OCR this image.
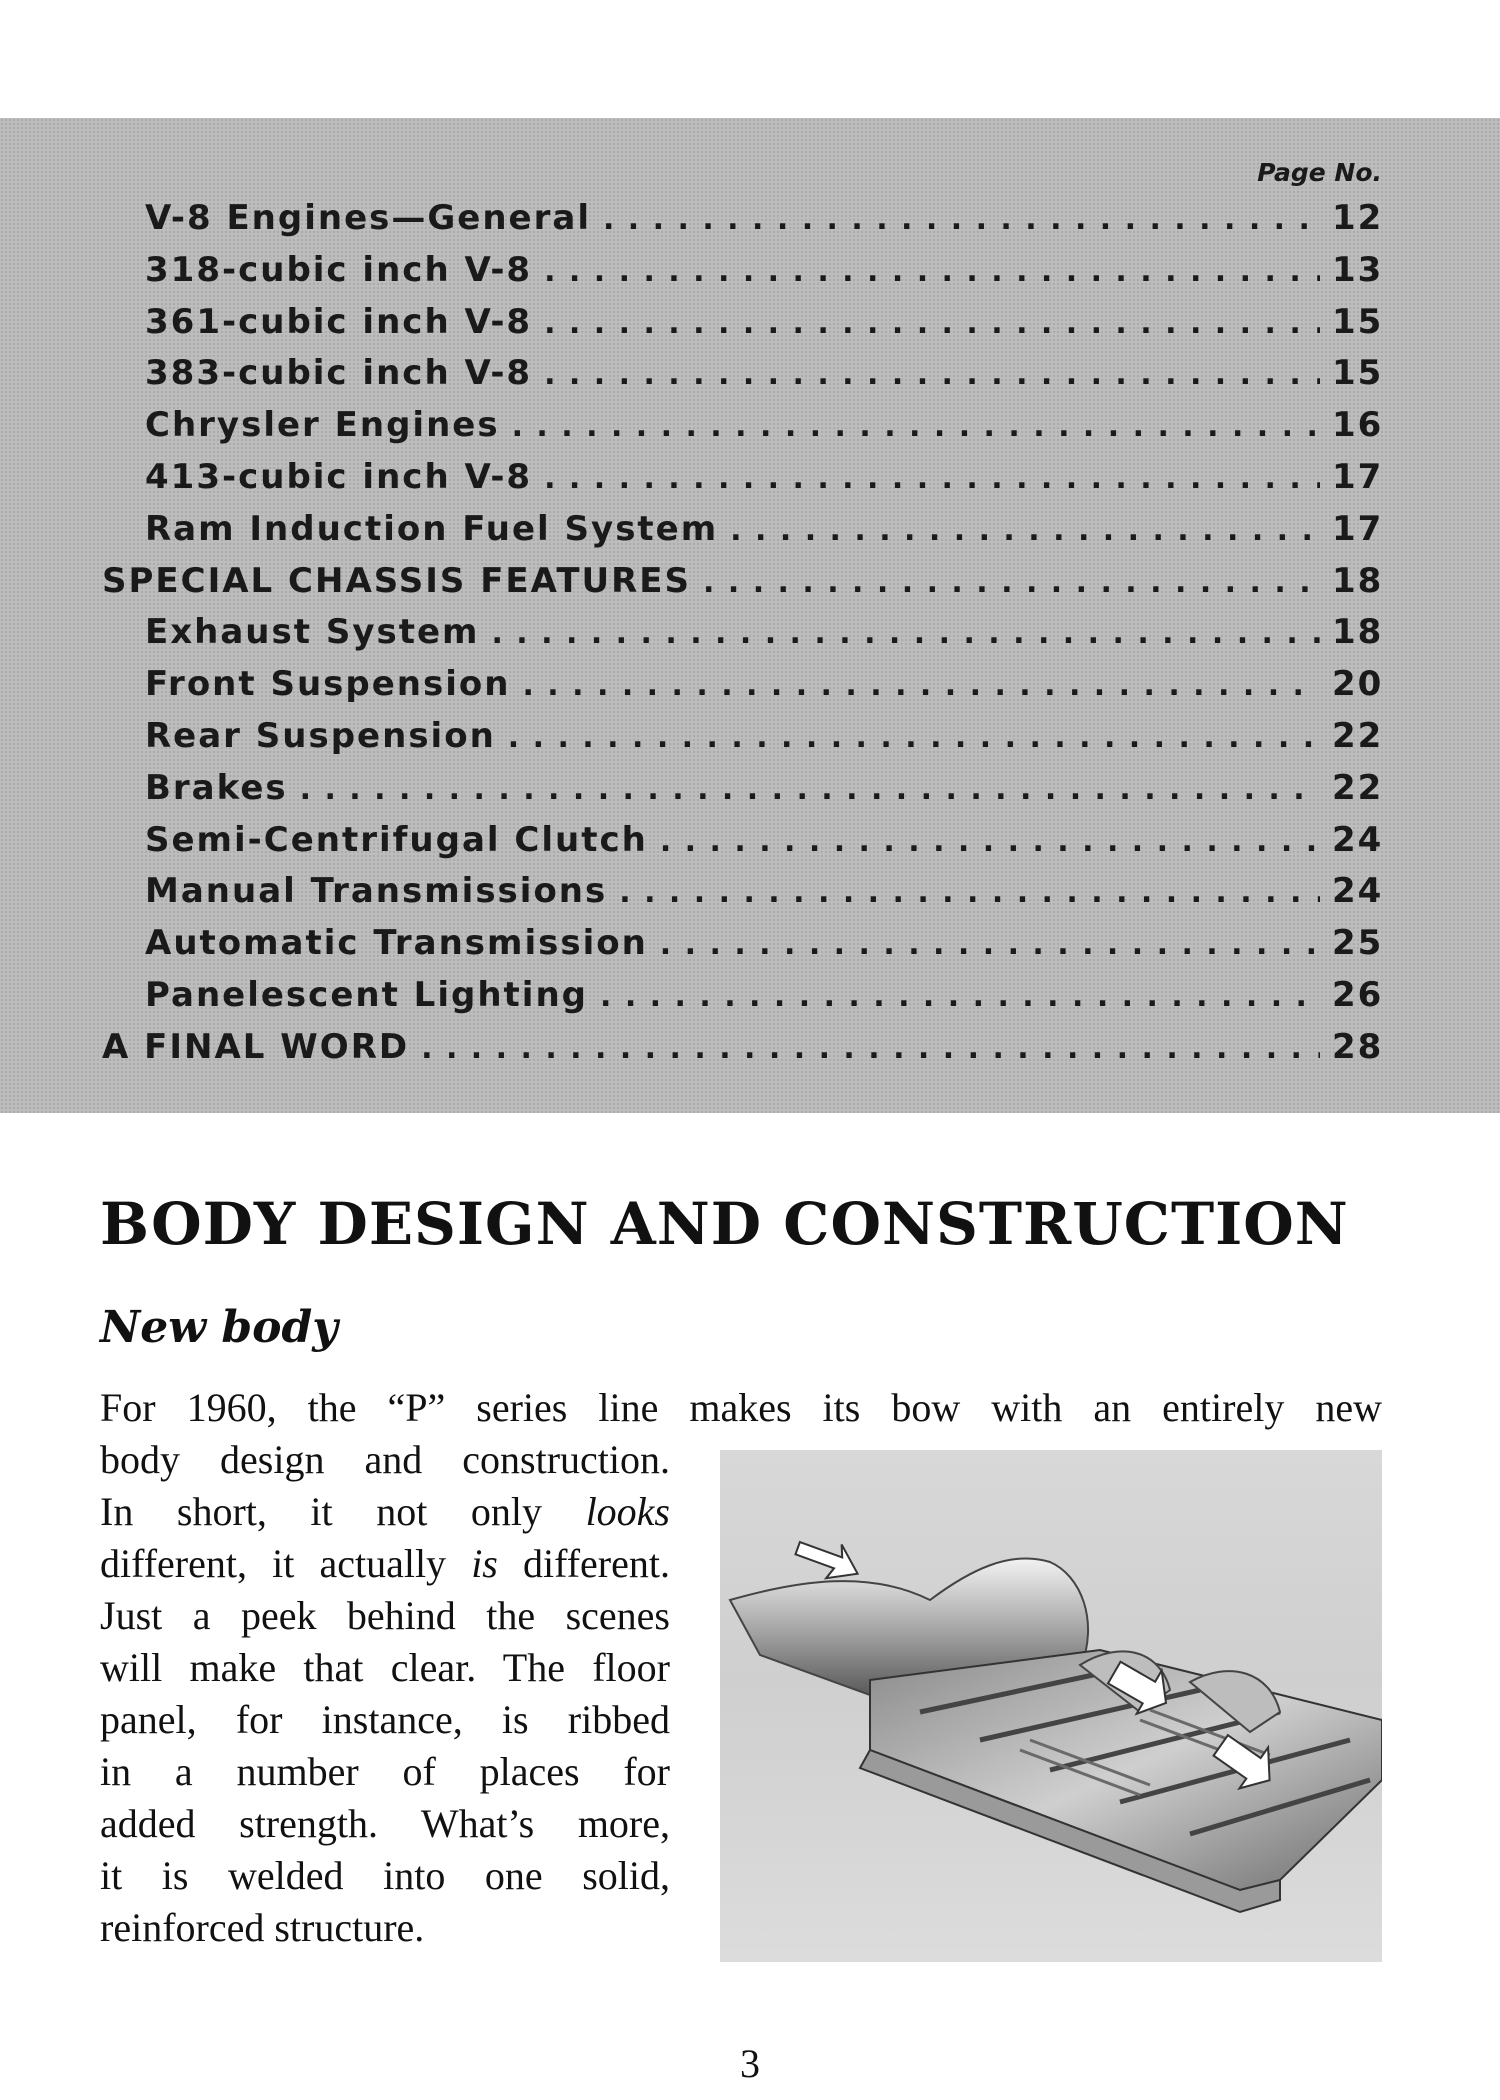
Page No.
V-8 Engines—General . . .	12
318-cubic inch V-8 . . .	13
361-cubic inch V-8 . . .	15
383-cubic inch V-8 . . .	15
Chrysler Engines . . .	16
413-cubic inch V-8 . . .	17
Ram Induction Fuel System . . .	17
SPECIAL CHASSIS FEATURES . . .	18
Exhaust System . . .	18
Front Suspension . . .	20
Rear Suspension . . .	22
Brakes . . .	22
Semi-Centrifugal Clutch . . .	24
Manual Transmissions . . .	24
Automatic Transmission . . .	25
Panelescent Lighting . . .	26
A FINAL WORD . . .	28
BODY DESIGN AND CONSTRUCTION
New body
For 1960, the “P” series line makes its bow with an entirely new
body design and construction.
In short, it not only looks
different, it actually is different.
Just a peek behind the scenes
will make that clear. The floor
panel, for instance, is ribbed
in a number of places for
added strength. What’s more,
it is welded into one solid,
reinforced structure.
3
